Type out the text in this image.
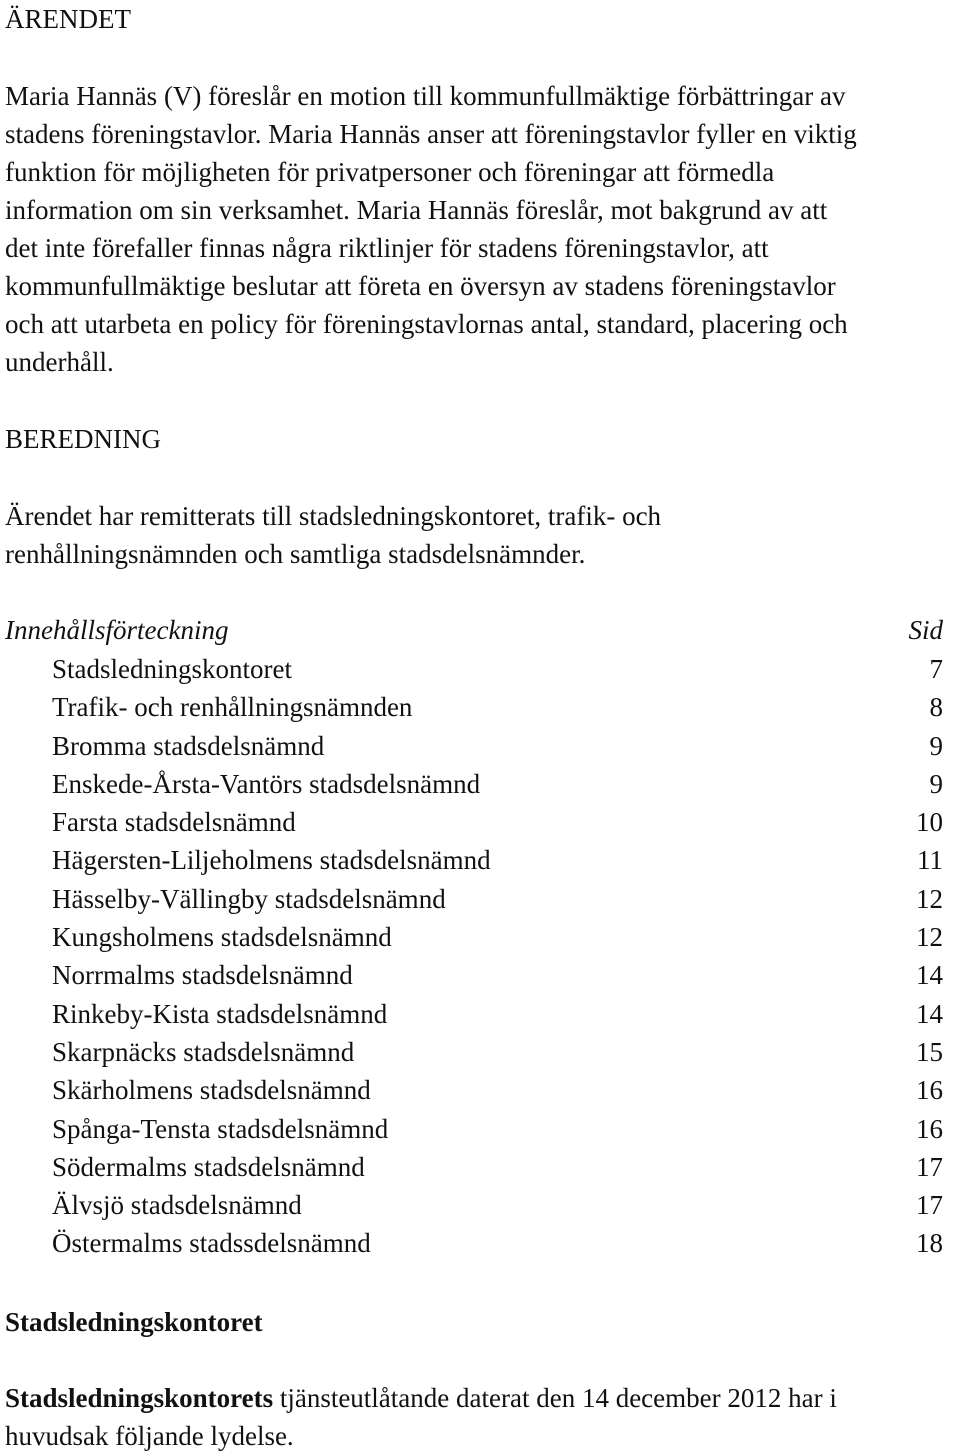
ÄRENDET
Maria Hannäs (V) föreslår en motion till kommunfullmäktige förbättringar av
stadens föreningstavlor. Maria Hannäs anser att föreningstavlor fyller en viktig
funktion för möjligheten för privatpersoner och föreningar att förmedla
information om sin verksamhet. Maria Hannäs föreslår, mot bakgrund av att
det inte förefaller finnas några riktlinjer för stadens föreningstavlor, att
kommunfullmäktige beslutar att företa en översyn av stadens föreningstavlor
och att utarbeta en policy för föreningstavlornas antal, standard, placering och
underhåll.
BEREDNING
Ärendet har remitterats till stadsledningskontoret, trafik- och
renhållningsnämnden och samtliga stadsdelsnämnder.
Innehållsförteckning	Sid
Stadsledningskontoret	7
Trafik- och renhållningsnämnden	8
Bromma stadsdelsnämnd	9
Enskede-Årsta-Vantörs stadsdelsnämnd	9
Farsta stadsdelsnämnd	10
Hägersten-Liljeholmens stadsdelsnämnd	11
Hässelby-Vällingby stadsdelsnämnd	12
Kungsholmens stadsdelsnämnd	12
Norrmalms stadsdelsnämnd	14
Rinkeby-Kista stadsdelsnämnd	14
Skarpnäcks stadsdelsnämnd	15
Skärholmens stadsdelsnämnd	16
Spånga-Tensta stadsdelsnämnd	16
Södermalms stadsdelsnämnd	17
Älvsjö stadsdelsnämnd	17
Östermalms stadssdelsnämnd	18
Stadsledningskontoret
Stadsledningskontorets tjänsteutlåtande daterat den 14 december 2012 har i
huvudsak följande lydelse.
